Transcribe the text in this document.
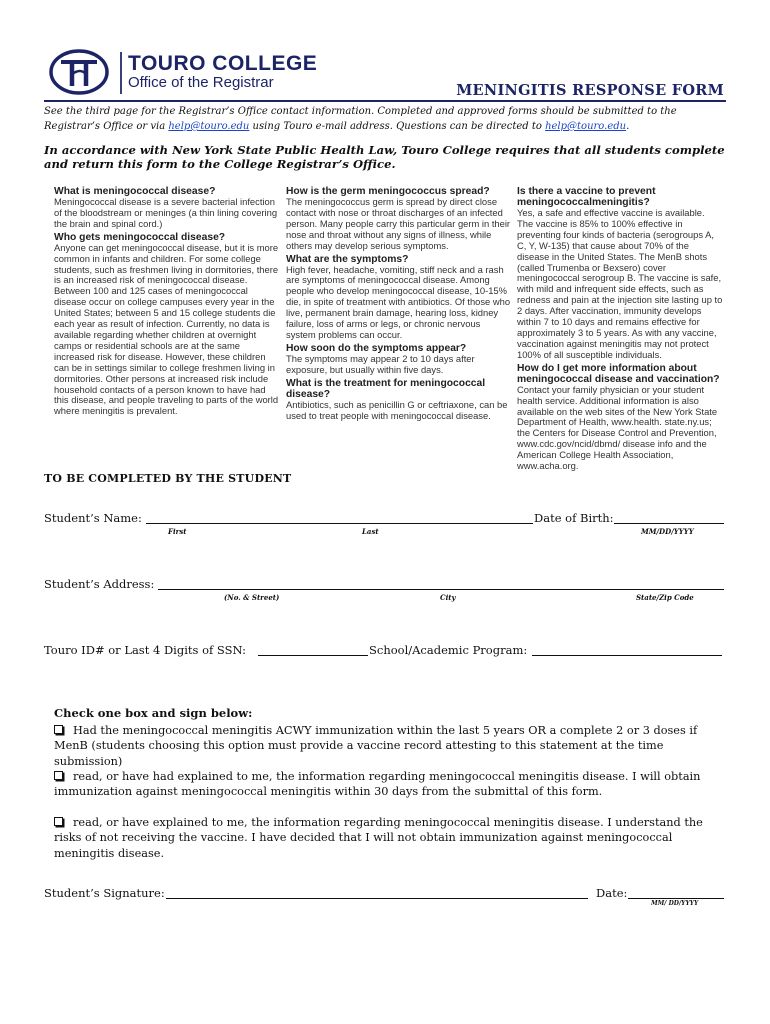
TOURO COLLEGE
Office of the Registrar	MENINGITIS RESPONSE FORM
See the third page for the Registrar’s Office contact information. Completed and approved forms should be submitted to the
Registrar’s Office or via help@touro.edu using Touro e-mail address. Questions can be directed to help@touro.edu.
In accordance with New York State Public Health Law, Touro College requires that all students complete and return this form to the College Registrar’s Office.
What is meningococcal disease?

Meningococcal disease is a severe bacterial infection of the bloodstream or meninges (a thin lining covering the brain and spinal cord.)

Who gets meningococcal disease?

Anyone can get meningococcal disease, but it is more common in infants and children. For some college students, such as freshmen living in dormitories, there is an increased risk of meningococcal disease. Between 100 and 125 cases of meningococcal disease occur on college campuses every year in the United States; between 5 and 15 college students die each year as result of infection. Currently, no data is available regarding whether children at overnight camps or residential schools are at the same increased risk for disease. However, these children can be in settings similar to college freshmen living in dormitories. Other persons at increased risk include household contacts of a person known to have had this disease, and people traveling to parts of the world where meningitis is prevalent.

How is the germ meningococcus spread?

The meningococcus germ is spread by direct close contact with nose or throat discharges of an infected person. Many people carry this particular germ in their nose and throat without any signs of illness, while others may develop serious symptoms.

What are the symptoms?

High fever, headache, vomiting, stiff neck and a rash are symptoms of meningococcal disease. Among people who develop meningococcal disease, 10-15% die, in spite of treatment with antibiotics. Of those who live, permanent brain damage, hearing loss, kidney failure, loss of arms or legs, or chronic nervous system problems can occur.

How soon do the symptoms appear?

The symptoms may appear 2 to 10 days after exposure, but usually within five days.

What is the treatment for meningococcal disease?

Antibiotics, such as penicillin G or ceftriaxone, can be used to treat people with meningococcal disease.

Is there a vaccine to prevent meningococcalmeningitis?

Yes, a safe and effective vaccine is available. The vaccine is 85% to 100% effective in preventing four kinds of bacteria (serogroups A, C, Y, W-135) that cause about 70% of the disease in the United States. The MenB shots (called Trumenba or Bexsero) cover meningococcal serogroup B. The vaccine is safe, with mild and infrequent side effects, such as redness and pain at the injection site lasting up to 2 days. After vaccination, immunity develops within 7 to 10 days and remains effective for approximately 3 to 5 years. As with any vaccine, vaccination against meningitis may not protect 100% of all susceptible individuals.

How do I get more information about meningococcal disease and vaccination?

Contact your family physician or your student health service. Additional information is also available on the web sites of the New York State Department of Health, www.health. state.ny.us; the Centers for Disease Control and Prevention, www.cdc.gov/ncid/dbmd/ disease info and the American College Health Association, www.acha.org.

TO BE COMPLETED BY THE STUDENT
Student’s Name:	Date of Birth:
First	Last	MM/DD/YYYY
Student’s Address:
(No. & Street)	City	State/Zip Code
Touro ID# or Last 4 Digits of SSN:	School/Academic Program:
Check one box and sign below:
Had the meningococcal meningitis ACWY immunization within the last 5 years OR a complete 2 or 3 doses if MenB (students choosing this option must provide a vaccine record attesting to this statement at the time submission)
read, or have had explained to me, the information regarding meningococcal meningitis disease. I will obtain immunization against meningococcal meningitis within 30 days from the submittal of this form.
read, or have explained to me, the information regarding meningococcal meningitis disease. I understand the risks of not receiving the vaccine. I have decided that I will not obtain immunization against meningococcal meningitis disease.
Student’s Signature:	Date:
MM/ DD/YYYY
